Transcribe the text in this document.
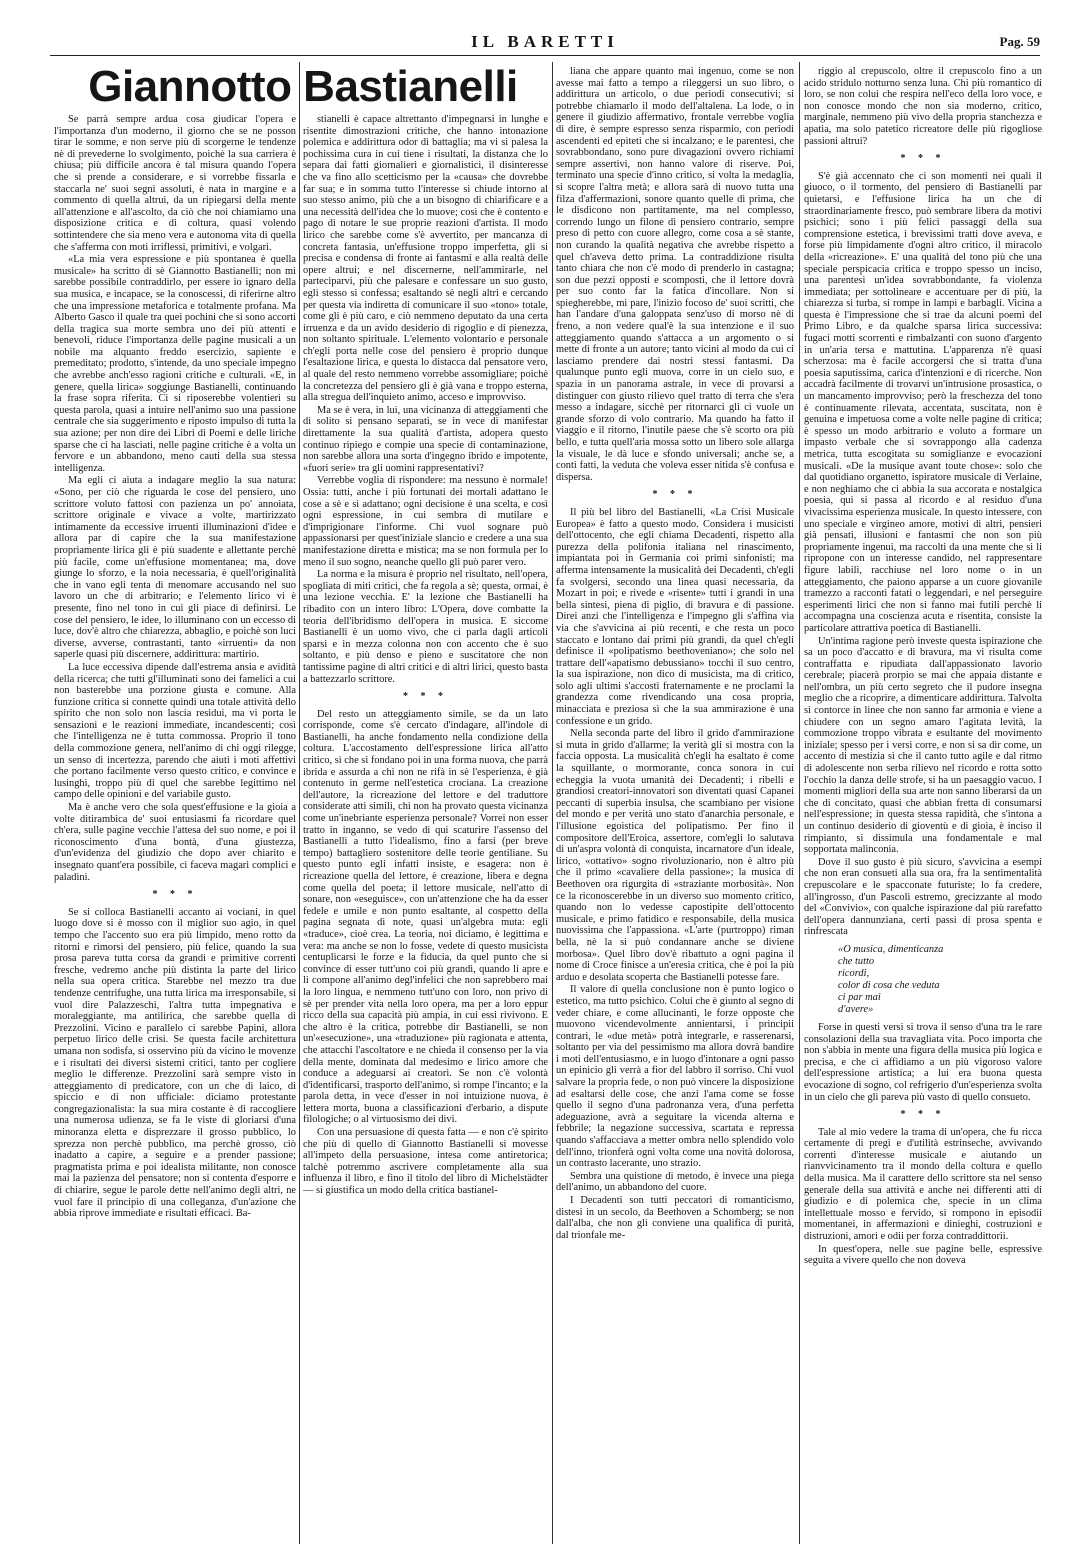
IL BARETTI	Pag. 59
Giannotto Bastianelli

Se parrà sempre ardua cosa giudicar l'opera e l'importanza d'un moderno, il giorno che se ne posson tirar le somme, e non serve più di scorgerne le tendenze nè di prevederne lo svolgimento, poichè la sua carriera è chiusa; più difficile ancora è tal misura quando l'opera che si prende a considerare, e si vorrebbe fissarla e staccarla ne' suoi segni assoluti, è nata in margine e a commento di quella altrui, da un ripiegarsi della mente all'attenzione e all'ascolto, da ciò che noi chiamiamo una disposizione critica e di coltura, quasi volendo sottintendere che sia meno vera e autonoma vita di quella che s'afferma con moti irriflessi, primitivi, e volgari.

«La mia vera espressione e più spontanea è quella musicale» ha scritto di sè Giannotto Bastianelli; non mi sarebbe possibile contraddirlo, per essere io ignaro della sua musica, e incapace, se la conoscessi, di riferirne altro che una impressione metaforica e totalmente profana. Ma Alberto Gasco il quale tra quei pochini che si sono accorti della tragica sua morte sembra uno dei più attenti e benevoli, riduce l'importanza delle pagine musicali a un nobile ma alquanto freddo esercizio, sapiente e premeditato; prodotto, s'intende, da uno speciale impegno che avrebbe anch'esso ragioni critiche e culturali. «E, in genere, quella lirica» soggiunge Bastianelli, continuando la frase sopra riferita. Ci si riposerebbe volentieri su questa parola, quasi a intuire nell'animo suo una passione centrale che sia suggerimento e riposto impulso di tutta la sua azione; per non dire dei Libri di Poemi e delle liriche sparse che ci ha lasciati, nelle pagine critiche è a volta un fervore e un abbandono, meno cauti della sua stessa intelligenza.

Ma egli ci aiuta a indagare meglio la sua natura: «Sono, per ciò che riguarda le cose del pensiero, uno scrittore voluto fattosi con pazienza un po' annoiata, scrittore originale e vivace a volte, martirizzato intimamente da eccessive irruenti illuminazioni d'idee e allora par di capire che la sua manifestazione propriamente lirica gli è più suadente e allettante perchè più facile, come un'effusione momentanea; ma, dove giunge lo sforzo, e la noia necessaria, è quell'originalità che in vano egli tenta di menomare accusando nel suo lavoro un che di arbitrario; e l'elemento lirico vi è presente, fino nel tono in cui gli piace di definirsi. Le cose del pensiero, le idee, lo illuminano con un eccesso di luce, dov'è altro che chiarezza, abbaglio, e poichè son luci diverse, avverse, contrastanti, tanto «irruenti» da non saperle quasi più discernere, addirittura: martirio.

La luce eccessiva dipende dall'estrema ansia e avidità della ricerca; che tutti gl'illuminati sono dei famelici a cui non basterebbe una porzione giusta e comune. Alla funzione critica si connette quindi una totale attività dello spirito che non solo non lascia residui, ma vi porta le sensazioni e le reazioni immediate, incandescenti; così che l'intelligenza ne è tutta commossa. Proprio il tono della commozione genera, nell'animo di chi oggi rilegge, un senso di incertezza, parendo che aiuti i moti affettivi che portano facilmente verso questo critico, e convince e lusinghi, troppo più di quel che sarebbe legittimo nel campo delle opinioni e del variabile gusto.

Ma è anche vero che sola quest'effusione e la gioia a volte ditirambica de' suoi entusiasmi fa ricordare quel ch'era, sulle pagine vecchie l'attesa del suo nome, e poi il riconoscimento d'una bontà, d'una giustezza, d'un'evidenza del giudizio che dopo aver chiarito e insegnato quant'era possibile, ci faceva magari complici e paladini.

* * *

Se si colloca Bastianelli accanto ai vociani, in quel luogo dove si è mosso con il miglior suo agio, in quel tempo che l'accento suo era più limpido, meno rotto da ritorni e rimorsi del pensiero, più felice, quando la sua prosa pareva tutta corsa da grandi e primitive correnti fresche, vedremo anche più distinta la parte del lirico nella sua opera critica. Starebbe nel mezzo tra due tendenze centrifughe, una tutta lirica ma irresponsabile, si vuol dire Palazzeschi, l'altra tutta impegnativa e moraleggiante, ma antilirica, che sarebbe quella di Prezzolini. Vicino e parallelo ci sarebbe Papini, allora perpetuo lirico delle crisi. Se questa facile architettura umana non sodisfa, si osservino più da vicino le movenze e i risultati dei diversi sistemi critici, tanto per cogliere meglio le differenze. Prezzolini sarà sempre visto in atteggiamento di predicatore, con un che di laico, di spiccio e di non ufficiale: diciamo protestante congregazionalista: la sua mira costante è di raccogliere una numerosa udienza, se fa le viste di gloriarsi d'una minoranza eletta e disprezzare il grosso pubblico, lo sprezza non perchè pubblico, ma perchè grosso, ciò inadatto a capire, a seguire e a prender passione; pragmatista prima e poi idealista militante, non conosce mai la pazienza del pensatore; non si contenta d'esporre e di chiarire, segue le parole dette nell'animo degli altri, ne vuol fare il principio di una colleganza, d'un'azione che abbia riprove immediate e risultati efficaci. Ba-

stianelli è capace altrettanto d'impegnarsi in lunghe e risentite dimostrazioni critiche, che hanno intonazione polemica e addirittura odor di battaglia; ma vi si palesa la pochissima cura in cui tiene i risultati, la distanza che lo separa dai fatti giornalieri e giornalistici, il disinteresse che va fino allo scetticismo per la «causa» che dovrebbe far sua; e in somma tutto l'interesse si chiude intorno al suo stesso animo, più che a un bisogno di chiarificare e a una necessità dell'idea che lo muove; così che è contento e pago di notare le sue proprie reazioni d'artista. Il modo lirico che sarebbe come s'è avvertito, per mancanza di concreta fantasia, un'effusione troppo imperfetta, gli si precisa e condensa di fronte ai fantasmi e alla realtà delle opere altrui; e nel discernerne, nell'ammirarle, nel parteciparvi, più che palesare e confessare un suo gusto, egli stesso si confessa; esaltando sè negli altri e cercando per questa via indiretta di comunicare il suo «tono» totale, come gli è più caro, e ciò nemmeno deputato da una certa irruenza e da un avido desiderio di rigoglio e di pienezza, non soltanto spirituale. L'elemento volontario e personale ch'egli porta nelle cose del pensiero è proprio dunque l'esaltazione lirica, e questa lo distacca dal pensatore vero, al quale del resto nemmeno vorrebbe assomigliare; poichè la concretezza del pensiero gli è già vana e troppo esterna, alla stregua dell'inquieto animo, acceso e improvviso.

Ma se è vera, in lui, una vicinanza di atteggiamenti che di solito si pensano separati, se in vece di manifestar direttamente la sua qualità d'artista, adopera questo continuo ripiego e compie una specie di contaminazione, non sarebbe allora una sorta d'ingegno ibrido e impotente, «fuori serie» tra gli uomini rappresentativi?

Verrebbe voglia di rispondere: ma nessuno è normale! Ossia: tutti, anche i più fortunati dei mortali adattano le cose a sè e si adattano; ogni decisione è una scelta, e così ogni espressione, in cui sembra di mutilare e d'imprigionare l'informe. Chi vuol sognare può appassionarsi per quest'iniziale slancio e credere a una sua manifestazione diretta e mistica; ma se non formula per lo meno il suo sogno, neanche quello gli può parer vero.

La norma e la misura è proprio nel risultato, nell'opera, spogliata di miti critici, che fa regola a sè; questa, ormai, è una lezione vecchia. E' la lezione che Bastianelli ha ribadito con un intero libro: L'Opera, dove combatte la teoria dell'ibridismo dell'opera in musica. E siccome Bastianelli è un uomo vivo, che ci parla dagli articoli sparsi e in mezza colonna non con accento che è suo soltanto, e più denso e pieno e suscitatore che non tantissime pagine di altri critici e di altri lirici, questo basta a battezzarlo scrittore.

* * *

Del resto un atteggiamento simile, se da un lato corrisponde, come s'è cercato d'indagare, all'indole di Bastianelli, ha anche fondamento nella condizione della coltura. L'accostamento dell'espressione lirica all'atto critico, sì che si fondano poi in una forma nuova, che parrà ibrida e assurda a chi non ne rifà in sè l'esperienza, è già contenuto in germe nell'estetica crociana. La creazione dell'autore, la ricreazione del lettore e del traduttore considerate atti simili, chi non ha provato questa vicinanza come un'inebriante esperienza personale? Vorrei non esser tratto in inganno, se vedo di qui scaturire l'assenso del Bastianelli a tutto l'idealismo, fino a farsi (per breve tempo) battagliero sostenitore delle teorie gentiliane. Su questo punto egli infatti insiste, e esagera: non è ricreazione quella del lettore, è creazione, libera e degna come quella del poeta; il lettore musicale, nell'atto di sonare, non «eseguisce», con un'attenzione che ha da esser fedele e umile e non punto esaltante, al cospetto della pagina segnata di note, quasi un'algebra muta: egli «traduce», cioè crea. La teoria, noi diciamo, è legittima e vera: ma anche se non lo fosse, vedete di questo musicista centuplicarsi le forze e la fiducia, da quel punto che si convince di esser tutt'uno coi più grandi, quando li apre e li compone all'animo degl'infelici che non saprebbero mai la loro lingua, e nemmeno tutt'uno con loro, non privo di sè per prender vita nella loro opera, ma per a loro eppur ricco della sua capacità più ampia, in cui essi rivivono. E che altro è la critica, potrebbe dir Bastianelli, se non un'«esecuzione», una «traduzione» più ragionata e attenta, che attacchi l'ascoltatore e ne chieda il consenso per la via della mente, dominata dal medesimo e lirico amore che conduce a adeguarsi ai creatori. Se non c'è volontà d'identificarsi, trasporto dell'animo, si rompe l'incanto; e la parola detta, in vece d'esser in noi intuizione nuova, è lettera morta, buona a classificazioni d'erbario, a dispute filologiche; o al virtuosismo dei divi.

Con una persuasione di questa fatta — e non c'è spirito che più di quello di Giannotto Bastianelli si movesse all'impeto della persuasione, intesa come antiretorica; talchè potremmo ascrivere completamente alla sua influenza il libro, e fino il titolo del libro di Michelstädter — si giustifica un modo della critica bastianel-

liana che appare quanto mai ingenuo, come se non avesse mai fatto a tempo a rileggersi un suo libro, o addirittura un articolo, o due periodi consecutivi; si potrebbe chiamarlo il modo dell'altalena. La lode, o in genere il giudizio affermativo, frontale verrebbe voglia di dire, è sempre espresso senza risparmio, con periodi ascendenti ed epiteti che si incalzano; e le parentesi, che sovrabbondano, sono pure divagazioni ovvero richiami sempre assertivi, non hanno valore di riserve. Poi, terminato una specie d'inno critico, si volta la medaglia, si scopre l'altra metà; e allora sarà di nuovo tutta una filza d'affermazioni, sonore quanto quelle di prima, che le disdicono non partitamente, ma nel complesso, correndo lungo un filone di pensiero contrario, sempre preso di petto con cuore allegro, come cosa a sè stante, non curando la qualità negativa che avrebbe rispetto a quel ch'aveva detto prima. La contraddizione risulta tanto chiara che non c'è modo di prenderlo in castagna; son due pezzi opposti e scomposti, che il lettore dovrà per suo conto far la fatica d'incollare. Non si spiegherebbe, mi pare, l'inizio focoso de' suoi scritti, che han l'andare d'una galoppata senz'uso di morso nè di freno, a non vedere qual'è la sua intenzione e il suo atteggiamento quando s'attacca a un argomento o si mette di fronte a un autore; tanto vicini al modo da cui ci lasciamo prendere dai nostri stessi fantasmi. Da qualunque punto egli muova, corre in un cielo suo, e spazia in un panorama astrale, in vece di provarsi a distinguer con giusto rilievo quel tratto di terra che s'era messo a indagare, sicchè per ritornarci gli ci vuole un grande sforzo di volo contrario. Ma quando ha fatto il viaggio e il ritorno, l'inutile paese che s'è scorto ora più bello, e tutta quell'aria mossa sotto un libero sole allarga la visuale, le dà luce e sfondo universali; anche se, a conti fatti, la veduta che voleva esser nitida s'è confusa e dispersa.

* * *

Il più bel libro del Bastianelli, «La Crisi Musicale Europea» è fatto a questo modo. Considera i musicisti dell'ottocento, che egli chiama Decadenti, rispetto alla purezza della polifonia italiana nel rinascimento, impiantata poi in Germania coi primi sinfonisti; ma afferma intensamente la musicalità dei Decadenti, ch'egli fa svolgersi, secondo una linea quasi necessaria, da Mozart in poi; e rivede e «risente» tutti i grandi in una bella sintesi, piena di piglio, di bravura e di passione. Direi anzi che l'intelligenza e l'impegno gli s'affina via via che s'avvicina ai più recenti, e che resta un poco staccato e lontano dai primi più grandi, da quel ch'egli definisce il «polipatismo beethoveniano»; che solo nel trattare dell'«apatismo debussiano» tocchi il suo centro, la sua ispirazione, non dico di musicista, ma di critico, solo agli ultimi s'accosti fraternamente e ne proclami la grandezza come rivendicando una cosa propria, minacciata e preziosa sì che la sua ammirazione è una confessione e un grido.

Nella seconda parte del libro il grido d'ammirazione si muta in grido d'allarme; la verità gli si mostra con la faccia opposta. La musicalità ch'egli ha esaltato è come la squillante, o mormorante, conca sonora in cui echeggia la vuota umanità dei Decadenti; i ribelli e grandiosi creatori-innovatori son diventati quasi Capanei peccanti di superbia insulsa, che scambiano per visione del mondo e per verità uno stato d'anarchia personale, e l'illusione egoistica del polipatismo. Per fino il compositore dell'Eroica, assertore, com'egli lo salutava di un'aspra volontà di conquista, incarnatore d'un ideale, lirico, «ottativo» sogno rivoluzionario, non è altro più che il primo «cavaliere della passione»; la musica di Beethoven ora rigurgita di «straziante morbosità». Non ce la riconoscerebbe in un diverso suo momento critico, quando non lo vedesse capostipite dell'ottocento musicale, e primo fatidico e responsabile, della musica nuovissima che l'appassiona. «L'arte (purtroppo) riman bella, nè la si può condannare anche se diviene morbosa». Quel libro dov'è ribattuto a ogni pagina il nome di Croce finisce a un'eresia critica, che è poi la più arduo e desolata scoperta che Bastianelli potesse fare.

Il valore di quella conclusione non è punto logico o estetico, ma tutto psichico. Colui che è giunto al segno di veder chiare, e come allucinanti, le forze opposte che muovono vicendevolmente annientarsi, i principii contrari, le «due metà» potrà integrarle, e rasserenarsi, soltanto per via del pessimismo ma allora dovrà bandire i moti dell'entusiasmo, e in luogo d'intonare a ogni passo un epinicio gli verrà a fior del labbro il sorriso. Chi vuol salvare la propria fede, o non può vincere la disposizione ad esaltarsi delle cose, che anzi l'ama come se fosse quello il segno d'una padronanza vera, d'una perfetta adeguazione, avrà a seguitare la vicenda alterna e febbrile; la negazione successiva, scartata e repressa quando s'affacciava a metter ombra nello splendido volo dell'inno, trionferà ogni volta come una novità dolorosa, un contrasto lacerante, uno strazio.

Sembra una quistione di metodo, è invece una piega dell'animo, un abbandono del cuore.

I Decadenti son tutti peccatori di romanticismo, distesi in un secolo, da Beethoven a Schomberg; se non dall'alba, che non gli conviene una qualifica di purità, dal trionfale me-

riggio al crepuscolo, oltre il crepuscolo fino a un acido stridulo notturno senza luna. Chi più romantico di loro, se non colui che respira nell'eco della loro voce, e non conosce mondo che non sia moderno, critico, marginale, nemmeno più vivo della propria stanchezza e apatia, ma solo patetico ricreatore delle più rigogliose passioni altrui?

* * *

S'è già accennato che ci son momenti nei quali il giuoco, o il tormento, del pensiero di Bastianelli par quietarsi, e l'effusione lirica ha un che di straordinariamente fresco, può sembrare libera da motivi psichici; sono i più felici passaggi della sua comprensione estetica, i brevissimi tratti dove aveva, e forse più limpidamente d'ogni altro critico, il miracolo della «ricreazione». E' una qualità del tono più che una speciale perspicacia critica e troppo spesso un inciso, una parentesi un'idea sovrabbondante, fa violenza immediata; per sottolineare e accentuare per di più, la chiarezza si turba, si rompe in lampi e barbagli. Vicina a questa è l'impressione che si trae da alcuni poemi del Primo Libro, e da qualche sparsa lirica successiva: fugaci motti scorrenti e rimbalzanti con suono d'argento in un'aria tersa e mattutina. L'apparenza n'è quasi scherzosa: ma è facile accorgersi che si tratta d'una poesia saputissima, carica d'intenzioni e di ricerche. Non accadrà facilmente di trovarvi un'intrusione prosastica, o un mancamento improvviso; però la freschezza del tono è continuamente rilevata, accentata, suscitata, non è genuina e impetuosa come a volte nelle pagine di critica; è spesso un modo arbitrario e voluto a formare un impasto verbale che si sovrappongo alla cadenza metrica, tutta escogitata su somiglianze e evocazioni musicali. «De la musique avant toute chose»: solo che dal quotidiano organetto, ispiratore musicale di Verlaine, e non neghiamo che ci abbia la sua accorata e nostalgica poesia, qui si passa al ricordo e al residuo d'una vivacissima esperienza musicale. In questo intessere, con uno speciale e virgineo amore, motivi di altri, pensieri già pensati, illusioni e fantasmi che non son più propriamente ingenui, ma raccolti da una mente che si li ripropone con un interesse candido, nel rappresentare figure labili, racchiuse nel loro nome o in un atteggiamento, che paiono apparse a un cuore giovanile tramezzo a racconti fatati o leggendari, e nel perseguire esperimenti lirici che non si fanno mai futili perchè li accompagna una coscienza acuta e risentita, consiste la particolare attrattiva poetica di Bastianelli.

Un'intima ragione però investe questa ispirazione che sa un poco d'accatto e di bravura, ma vi risulta come contraffatta e ripudiata dall'appassionato lavorio cerebrale; piacerà prorpio se mai che appaia distante e nell'ombra, un più certo segreto che il pudore insegna meglio che a ricoprire, a dimenticare addirittura. Talvolta si contorce in linee che non sanno far armonia e viene a chiudere con un segno amaro l'agitata levità, la commozione troppo vibrata e esultante del movimento iniziale; spesso per i versi corre, e non si sa dir come, un accento di mestizia sì che il canto tutto agile e dal ritmo di adolescente non serba rilievo nel ricordo e rotta sotto l'occhio la danza delle strofe, si ha un paesaggio vacuo. I momenti migliori della sua arte non sanno liberarsi da un che di concitato, quasi che abbian fretta di consumarsi nell'espressione; in questa stessa rapidità, che s'intona a un continuo desiderio di gioventù e di gioia, è inciso il rimpianto, si dissimula una fondamentale e mal sopportata malinconia.

Dove il suo gusto è più sicuro, s'avvicina a esempi che non eran consueti alla sua ora, fra la sentimentalità crepuscolare e le spacconate futuriste; lo fa credere, all'ingrosso, d'un Pascoli estremo, grecizzante al modo del «Convivio», con qualche ispirazione dal più rarefatto dell'opera dannunziana, certi passi di prosa spenta e rinfrescata

«O musica, dimenticanza
che tutto
ricordi,
color di cosa che veduta
ci par mai
d'avere»

Forse in questi versi si trova il senso d'una tra le rare consolazioni della sua travagliata vita. Poco importa che non s'abbia in mente una figura della musica più logica e precisa, e che ci affidiamo a un più vigoroso valore dell'espressione artistica; a lui era buona questa evocazione di sogno, col refrigerio d'un'esperienza svolta in un cielo che gli pareva più vasto di quello consueto.

* * *

Tale al mio vedere la trama di un'opera, che fu ricca certamente di pregi e d'utilità estrinseche, avvivando correnti d'interesse musicale e aiutando un rianvvicinamento tra il mondo della coltura e quello della musica. Ma il carattere dello scrittore sta nel senso generale della sua attività e anche nei differenti atti di giudizio e di polemica che, specie in un clima intellettuale mosso e fervido, si rompono in episodii momentanei, in affermazioni e dinieghi, costruzioni e distruzioni, amori e odii per forza contraddittorii.

In quest'opera, nelle sue pagine belle, espressive seguita a vivere quello che non doveva
